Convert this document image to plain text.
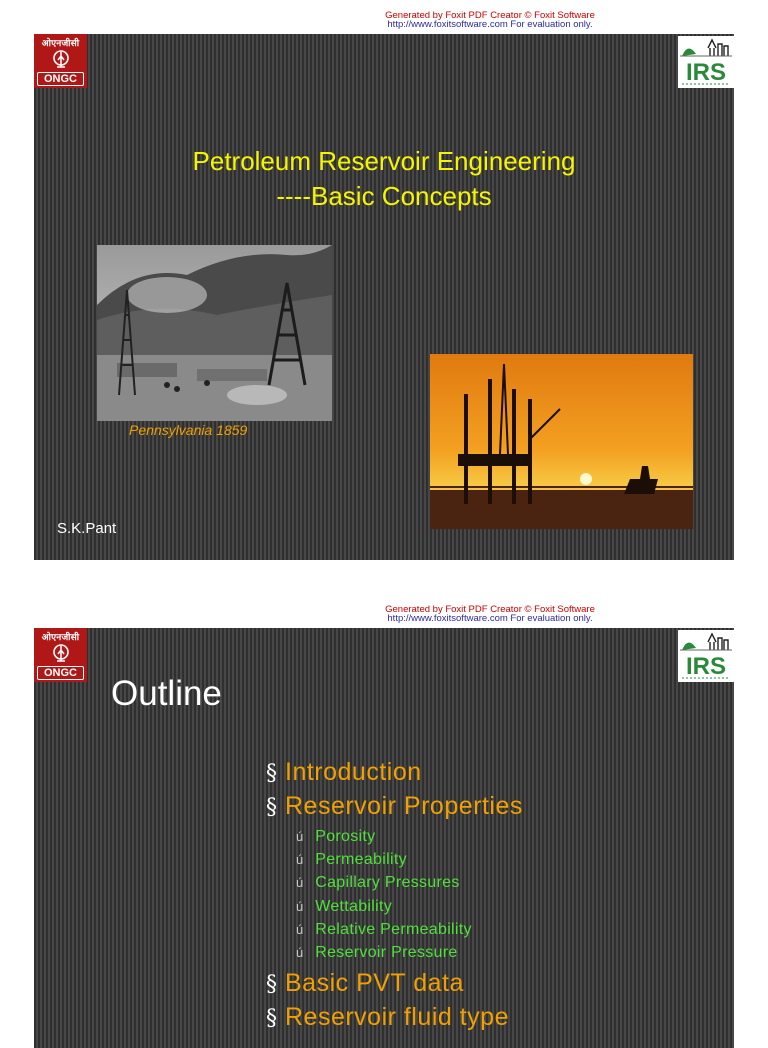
Generated by Foxit PDF Creator © Foxit Software
http://www.foxitsoftware.com For evaluation only.
ओएनजीसी
ONGC	IRS
Petroleum Reservoir Engineering
----Basic Concepts
Pennsylvania 1859
S.K.Pant
Generated by Foxit PDF Creator © Foxit Software
http://www.foxitsoftware.com For evaluation only.
ओएनजीसी
ONGC	IRS
Outline
§ Introduction
§ Reservoir Properties
ú Porosity
ú Permeability
ú Capillary Pressures
ú Wettability
ú Relative Permeability
ú Reservoir Pressure
§ Basic PVT data
§ Reservoir fluid type
